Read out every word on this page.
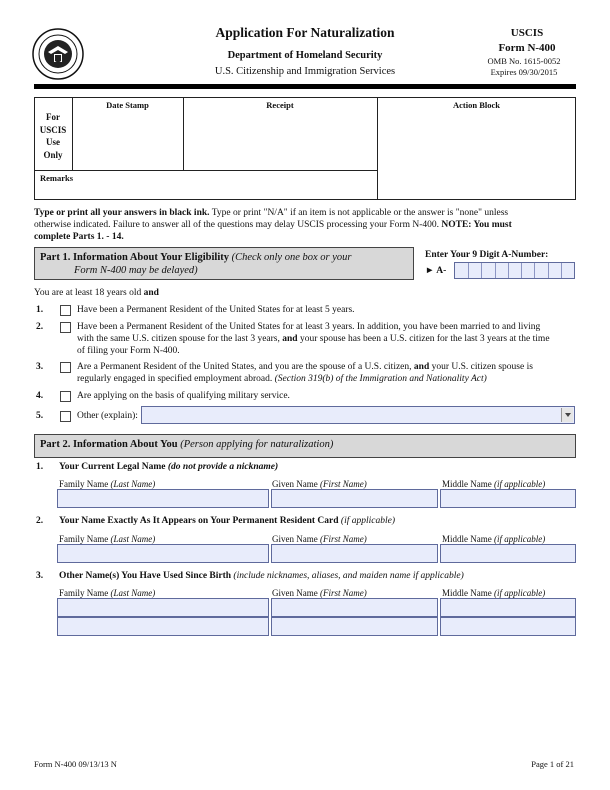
Application For Naturalization
Department of Homeland Security
U.S. Citizenship and Immigration Services
USCIS
Form N-400
OMB No. 1615-0052
Expires 09/30/2015
For
USCIS
Use
Only
Date Stamp	Receipt	Action Block
Remarks
Type or print all your answers in black ink. Type or print "N/A" if an item is not applicable or the answer is "none" unless
otherwise indicated. Failure to answer all of the questions may delay USCIS processing your Form N-400. NOTE: You must
complete Parts 1. - 14.
Part 1. Information About Your Eligibility (Check only one box or your
Form N-400 may be delayed)
Enter Your 9 Digit A-Number:
► A-
You are at least 18 years old and
1.	Have been a Permanent Resident of the United States for at least 5 years.
2.	Have been a Permanent Resident of the United States for at least 3 years. In addition, you have been married to and living
with the same U.S. citizen spouse for the last 3 years, and your spouse has been a U.S. citizen for the last 3 years at the time
of filing your Form N-400.
3.	Are a Permanent Resident of the United States, and you are the spouse of a U.S. citizen, and your U.S. citizen spouse is
regularly engaged in specified employment abroad. (Section 319(b) of the Immigration and Nationality Act)
4.	Are applying on the basis of qualifying military service.
5.	Other (explain):
Part 2. Information About You (Person applying for naturalization)
1. Your Current Legal Name (do not provide a nickname)
Family Name (Last Name)	Given Name (First Name)	Middle Name (if applicable)
2. Your Name Exactly As It Appears on Your Permanent Resident Card (if applicable)
Family Name (Last Name)	Given Name (First Name)	Middle Name (if applicable)
3. Other Name(s) You Have Used Since Birth (include nicknames, aliases, and maiden name if applicable)
Family Name (Last Name)	Given Name (First Name)	Middle Name (if applicable)
Form N-400 09/13/13 N	Page 1 of 21
